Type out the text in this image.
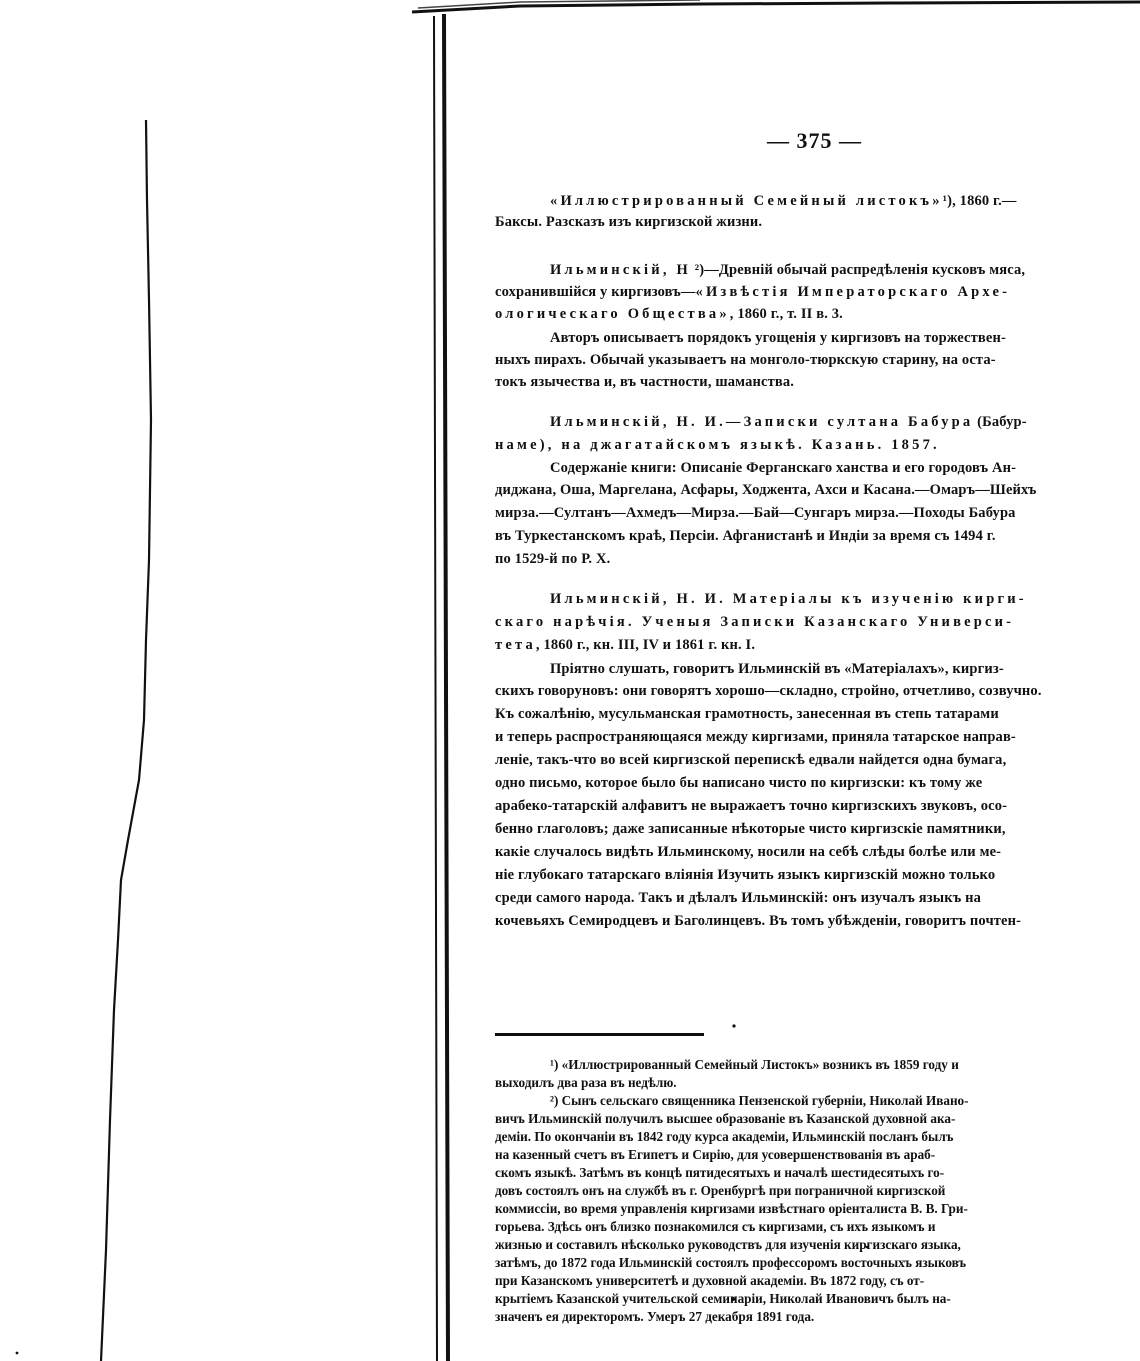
— 375 —
«Иллюстрированный Семейный листокъ»¹), 1860 г.—
Баксы. Разсказъ изъ киргизской жизни.
Ильминскій, Н ²)—Древній обычай распредѣленія кусковъ мяса,
сохранившійся у киргизовъ—«Извѣстія Императорскаго Архе-
ологическаго Общества», 1860 г., т. II в. 3.
Авторъ описываетъ порядокъ угощенія у киргизовъ на торжествен-
ныхъ пирахъ. Обычай указываетъ на монголо-тюркскую старину, на оста-
токъ язычества и, въ частности, шаманства.
Ильминскій, Н. И.—Записки султана Бабура (Бабур-
наме), на джагатайскомъ языкѣ. Казань. 1857.
Содержаніе книги: Описаніе Ферганскаго ханства и его городовъ Ан-
диджана, Оша, Маргелана, Асфары, Ходжента, Ахси и Касана.—Омаръ—Шейхъ
мирза.—Султанъ—Ахмедъ—Мирза.—Бай—Сунгаръ мирза.—Походы Бабура
въ Туркестанскомъ краѣ, Персіи. Афганистанѣ и Индіи за время съ 1494 г.
по 1529-й по Р. Х.
Ильминскій, Н. И. Матеріалы къ изученію кирги-
скаго нарѣчія. Ученыя Записки Казанскаго Универси-
тета, 1860 г., кн. III, IV и 1861 г. кн. I.
Пріятно слушать, говоритъ Ильминскій въ «Матеріалахъ», киргиз-
скихъ говоруновъ: они говорятъ хорошо—складно, стройно, отчетливо, созвучно.
Къ сожалѣнію, мусульманская грамотность, занесенная въ степь татарами
и теперь распространяющаяся между киргизами, приняла татарское направ-
леніе, такъ-что во всей киргизской перепискѣ едвали найдется одна бумага,
одно письмо, которое было бы написано чисто по киргизски: къ тому же
арабеко-татарскій алфавитъ не выражаетъ точно киргизскихъ звуковъ, осо-
бенно глаголовъ; даже записанные нѣкоторые чисто киргизскіе памятники,
какіе случалось видѣть Ильминскому, носили на себѣ слѣды болѣе или ме-
ніе глубокаго татарскаго вліянія Изучить языкъ киргизскій можно только
среди самого народа. Такъ и дѣлалъ Ильминскій: онъ изучалъ языкъ на
кочевьяхъ Семиродцевъ и Баголинцевъ. Въ томъ убѣжденіи, говоритъ почтен-
¹) «Иллюстрированный Семейный Листокъ» возникъ въ 1859 году и
выходилъ два раза въ недѣлю.
²) Сынъ сельскаго священника Пензенской губерніи, Николай Ивано-
вичъ Ильминскій получилъ высшее образованіе въ Казанской духовной ака-
деміи. По окончаніи въ 1842 году курса академіи, Ильминскій посланъ былъ
на казенный счетъ въ Египетъ и Сирію, для усовершенствованія въ араб-
скомъ языкѣ. Затѣмъ въ концѣ пятидесятыхъ и началѣ шестидесятыхъ го-
довъ состоялъ онъ на службѣ въ г. Оренбургѣ при пограничной киргизской
коммиссіи, во время управленія киргизами извѣстнаго оріенталиста В. В. Гри-
горьева. Здѣсь онъ близко познакомился съ киргизами, съ ихъ языкомъ и
жизнью и составилъ нѣсколько руководствъ для изученія киргизскаго языка,
затѣмъ, до 1872 года Ильминскій состоялъ профессоромъ восточныхъ языковъ
при Казанскомъ университетѣ и духовной академіи. Въ 1872 году, съ от-
крытіемъ Казанской учительской семинаріи, Николай Ивановичъ былъ на-
значенъ ея директоромъ. Умеръ 27 декабря 1891 года.
